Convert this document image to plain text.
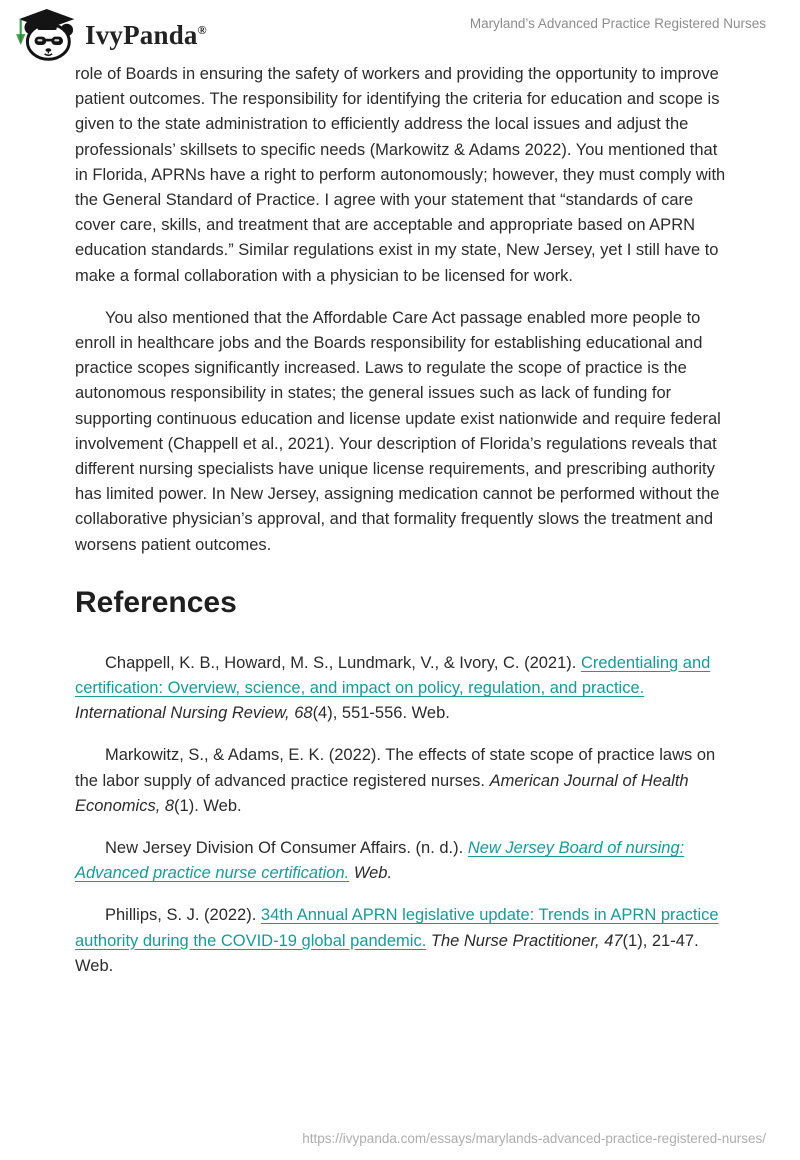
IvyPanda®	Maryland’s Advanced Practice Registered Nurses

role of Boards in ensuring the safety of workers and providing the opportunity to improve patient outcomes. The responsibility for identifying the criteria for education and scope is given to the state administration to efficiently address the local issues and adjust the professionals’ skillsets to specific needs (Markowitz & Adams 2022). You mentioned that in Florida, APRNs have a right to perform autonomously; however, they must comply with the General Standard of Practice. I agree with your statement that “standards of care cover care, skills, and treatment that are acceptable and appropriate based on APRN education standards.” Similar regulations exist in my state, New Jersey, yet I still have to make a formal collaboration with a physician to be licensed for work.

You also mentioned that the Affordable Care Act passage enabled more people to enroll in healthcare jobs and the Boards responsibility for establishing educational and practice scopes significantly increased. Laws to regulate the scope of practice is the autonomous responsibility in states; the general issues such as lack of funding for supporting continuous education and license update exist nationwide and require federal involvement (Chappell et al., 2021). Your description of Florida’s regulations reveals that different nursing specialists have unique license requirements, and prescribing authority has limited power. In New Jersey, assigning medication cannot be performed without the collaborative physician’s approval, and that formality frequently slows the treatment and worsens patient outcomes.

References

Chappell, K. B., Howard, M. S., Lundmark, V., & Ivory, C. (2021). Credentialing and certification: Overview, science, and impact on policy, regulation, and practice. International Nursing Review, 68(4), 551-556. Web.

Markowitz, S., & Adams, E. K. (2022). The effects of state scope of practice laws on the labor supply of advanced practice registered nurses. American Journal of Health Economics, 8(1). Web.

New Jersey Division Of Consumer Affairs. (n. d.). New Jersey Board of nursing: Advanced practice nurse certification. Web.

Phillips, S. J. (2022). 34th Annual APRN legislative update: Trends in APRN practice authority during the COVID-19 global pandemic. The Nurse Practitioner, 47(1), 21-47. Web.

https://ivypanda.com/essays/marylands-advanced-practice-registered-nurses/
